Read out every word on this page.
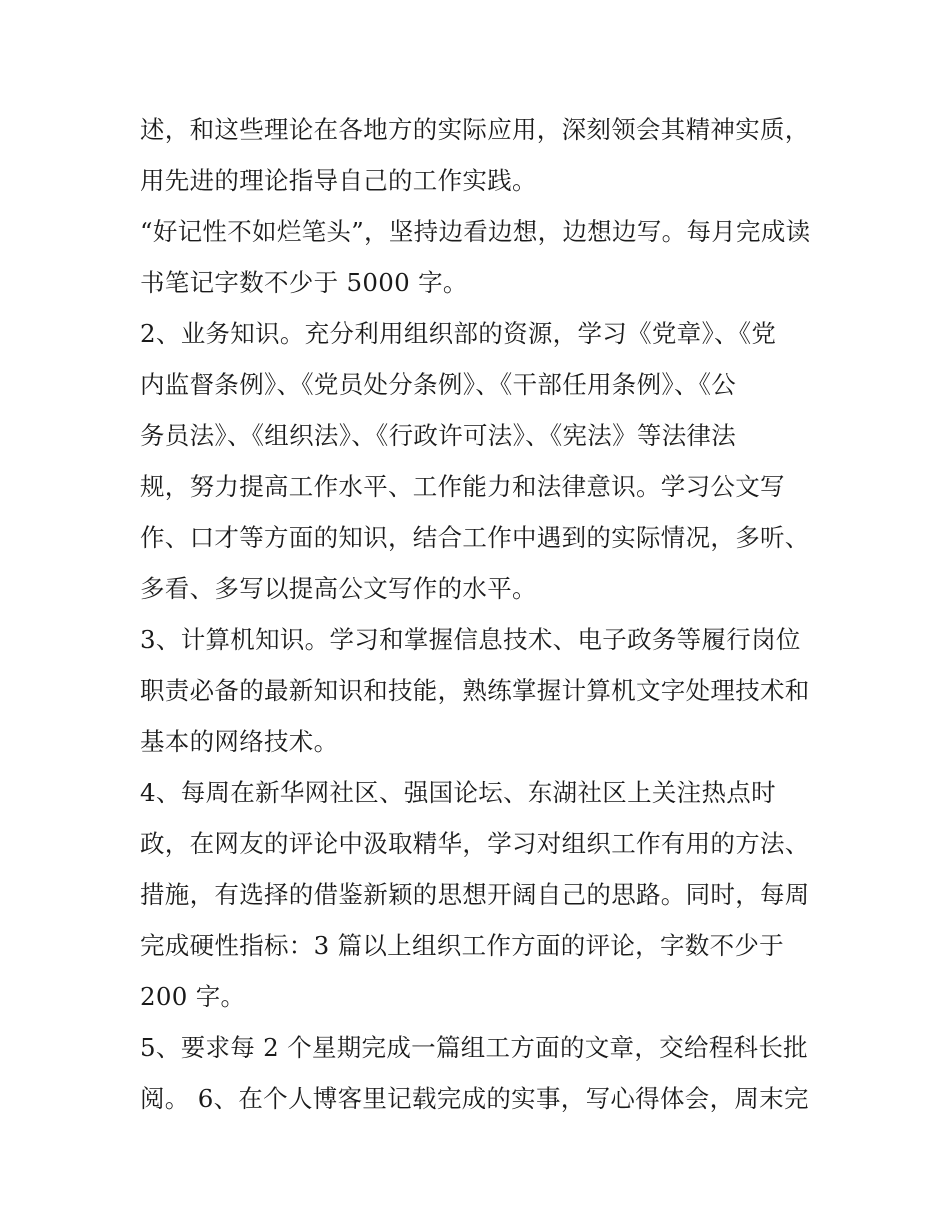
述，和这些理论在各地方的实际应用，深刻领会其精神实质，
用先进的理论指导自己的工作实践。
“好记性不如烂笔头”，坚持边看边想，边想边写。每月完成读
书笔记字数不少于 5000 字。
2、业务知识。充分利用组织部的资源，学习《党章》、《党
内监督条例》、《党员处分条例》、《干部任用条例》、《公
务员法》、《组织法》、《行政许可法》、《宪法》等法律法
规，努力提高工作水平、工作能力和法律意识。学习公文写
作、口才等方面的知识，结合工作中遇到的实际情况，多听、
多看、多写以提高公文写作的水平。
3、计算机知识。学习和掌握信息技术、电子政务等履行岗位
职责必备的最新知识和技能，熟练掌握计算机文字处理技术和
基本的网络技术。
4、每周在新华网社区、强国论坛、东湖社区上关注热点时
政，在网友的评论中汲取精华，学习对组织工作有用的方法、
措施，有选择的借鉴新颖的思想开阔自己的思路。同时，每周
完成硬性指标：3 篇以上组织工作方面的评论，字数不少于
200 字。
5、要求每 2 个星期完成一篇组工方面的文章，交给程科长批
阅。 6、在个人博客里记载完成的实事，写心得体会，周末完
